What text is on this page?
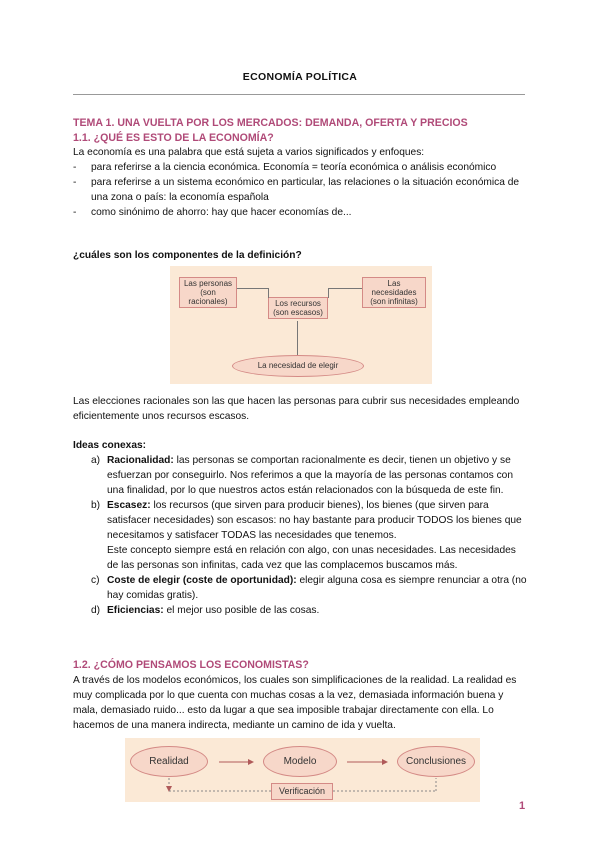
ECONOMÍA POLÍTICA
TEMA 1. UNA VUELTA POR LOS MERCADOS: DEMANDA, OFERTA Y PRECIOS
1.1. ¿QUÉ ES ESTO DE LA ECONOMÍA?
La economía es una palabra que está sujeta a varios significados y enfoques:
- para referirse a la ciencia económica. Economía = teoría económica o análisis económico
- para referirse a un sistema económico en particular, las relaciones o la situación económica de una zona o país: la economía española
- como sinónimo de ahorro: hay que hacer economías de...
¿cuáles son los componentes de la definición?
Las personas
(son racionales)
Las necesidades
(son infinitas)
Los recursos
(son escasos)
La necesidad de elegir
Las elecciones racionales son las que hacen las personas para cubrir sus necesidades empleando eficientemente unos recursos escasos.
Ideas conexas:
a) Racionalidad: las personas se comportan racionalmente es decir, tienen un objetivo y se esfuerzan por conseguirlo. Nos referimos a que la mayoría de las personas contamos con una finalidad, por lo que nuestros actos están relacionados con la búsqueda de este fin.
b) Escasez: los recursos (que sirven para producir bienes), los bienes (que sirven para satisfacer necesidades) son escasos: no hay bastante para producir TODOS los bienes que necesitamos y satisfacer TODAS las necesidades que tenemos.
Este concepto siempre está en relación con algo, con unas necesidades. Las necesidades de las personas son infinitas, cada vez que las complacemos buscamos más.
c) Coste de elegir (coste de oportunidad): elegir alguna cosa es siempre renunciar a otra (no hay comidas gratis).
d) Eficiencias: el mejor uso posible de las cosas.
1.2. ¿CÓMO PENSAMOS LOS ECONOMISTAS?
A través de los modelos económicos, los cuales son simplificaciones de la realidad. La realidad es muy complicada por lo que cuenta con muchas cosas a la vez, demasiada información buena y mala, demasiado ruido... esto da lugar a que sea imposible trabajar directamente con ella. Lo hacemos de una manera indirecta, mediante un camino de ida y vuelta.
Realidad	Modelo	Conclusiones
Verificación
1
